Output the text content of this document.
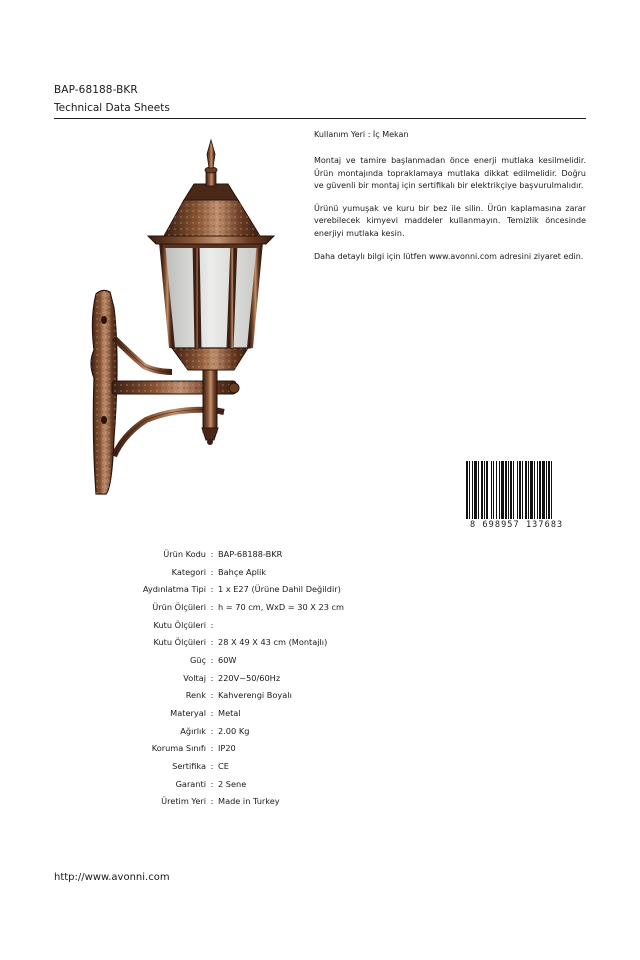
BAP-68188-BKR
Technical Data Sheets

Kullanım Yeri : İç Mekan

Montaj ve tamire başlanmadan önce enerji mutlaka kesilmelidir. Ürün montajında topraklamaya mutlaka dikkat edilmelidir. Doğru ve güvenli bir montaj için sertifikalı bir elektrikçiye başvurulmalıdır.

Ürünü yumuşak ve kuru bir bez ile silin. Ürün kaplamasına zarar verebilecek kimyevi maddeler kullanmayın. Temizlik öncesinde enerjiyi mutlaka kesin.

Daha detaylı bilgi için lütfen www.avonni.com adresini ziyaret edin.

8 698957 137683
Ürün Kodu : BAP-68188-BKR
Kategori : Bahçe Aplik
Aydınlatma Tipi : 1 x E27 (Ürüne Dahil Değildir)
Ürün Ölçüleri : h = 70 cm, WxD = 30 X 23 cm
Kutu Ölçüleri :
Kutu Ölçüleri : 28 X 49 X 43 cm (Montajlı)
Güç : 60W
Voltaj : 220V~50/60Hz
Renk : Kahverengi Boyalı
Materyal : Metal
Ağırlık : 2.00 Kg
Koruma Sınıfı : IP20
Sertifika : CE
Garanti : 2 Sene
Üretim Yeri : Made in Turkey
http://www.avonni.com
